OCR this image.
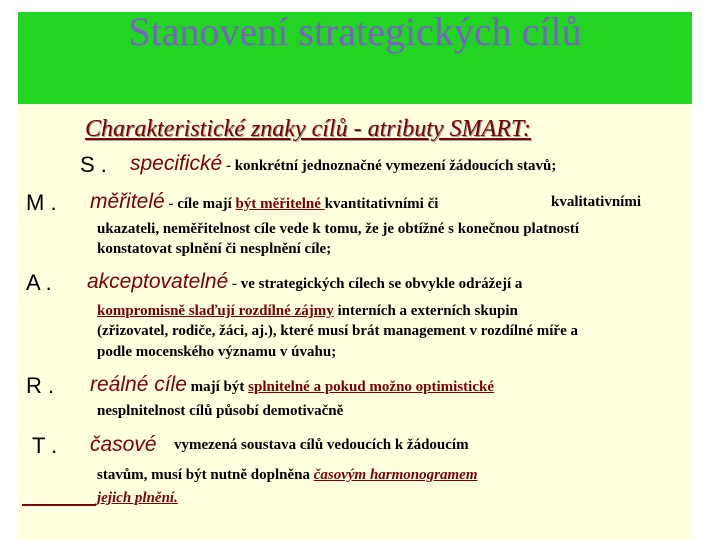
Stanovení strategických cílů
Charakteristické znaky cílů - atributy SMART:
S . specifické - konkrétní jednoznačné vymezení žádoucích stavů;
M . měřitelé - cíle mají být měřitelné kvantitativními či	kvalitativními
ukazateli, neměřitelnost cíle vede k tomu, že je obtížné s konečnou platností
konstatovat splnění či nesplnění cíle;
A . akceptovatelné - ve strategických cílech se obvykle odrážejí a
kompromisně slaďují rozdílné zájmy interních a externích skupin
(zřizovatel, rodiče, žáci, aj.), které musí brát management v rozdílné míře a
podle mocenského významu v úvahu;
R . reálné cíle mají být splnitelné a pokud možno optimistické
nesplnitelnost cílů působí demotivačně
T . časové vymezená soustava cílů vedoucích k žádoucím
stavům, musí být nutně doplněna časovým harmonogramem
jejich plnění.
